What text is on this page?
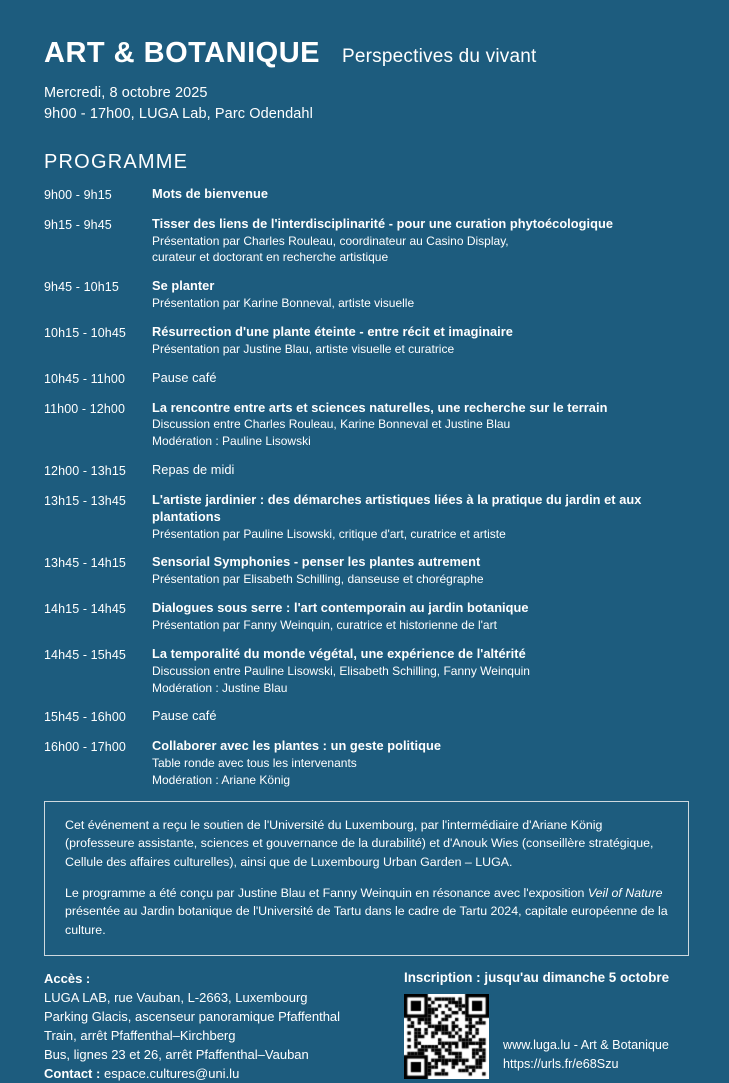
ART & BOTANIQUE Perspectives du vivant
Mercredi, 8 octobre 2025
9h00 - 17h00, LUGA Lab, Parc Odendahl
PROGRAMME
9h00 - 9h15	Mots de bienvenue
9h15 - 9h45	Tisser des liens de l'interdisciplinarité - pour une curation phytoécologique
Présentation par Charles Rouleau, coordinateur au Casino Display,
curateur et doctorant en recherche artistique
9h45 - 10h15	Se planter
Présentation par Karine Bonneval, artiste visuelle
10h15 - 10h45	Résurrection d'une plante éteinte - entre récit et imaginaire
Présentation par Justine Blau, artiste visuelle et curatrice
10h45 - 11h00	Pause café
11h00 - 12h00	La rencontre entre arts et sciences naturelles, une recherche sur le terrain
Discussion entre Charles Rouleau, Karine Bonneval et Justine Blau
Modération : Pauline Lisowski
12h00 - 13h15	Repas de midi
13h15 - 13h45	L'artiste jardinier : des démarches artistiques liées à la pratique du jardin et aux plantations
Présentation par Pauline Lisowski, critique d'art, curatrice et artiste
13h45 - 14h15	Sensorial Symphonies - penser les plantes autrement
Présentation par Elisabeth Schilling, danseuse et chorégraphe
14h15 - 14h45	Dialogues sous serre : l'art contemporain au jardin botanique
Présentation par Fanny Weinquin, curatrice et historienne de l'art
14h45 - 15h45	La temporalité du monde végétal, une expérience de l'altérité
Discussion entre Pauline Lisowski, Elisabeth Schilling, Fanny Weinquin
Modération : Justine Blau
15h45 - 16h00	Pause café
16h00 - 17h00	Collaborer avec les plantes : un geste politique
Table ronde avec tous les intervenants
Modération : Ariane König

Cet événement a reçu le soutien de l'Université du Luxembourg, par l'intermédiaire d'Ariane König (professeure assistante, sciences et gouvernance de la durabilité) et d'Anouk Wies (conseillère stratégique, Cellule des affaires culturelles), ainsi que de Luxembourg Urban Garden – LUGA.

Le programme a été conçu par Justine Blau et Fanny Weinquin en résonance avec l'exposition Veil of Nature présentée au Jardin botanique de l'Université de Tartu dans le cadre de Tartu 2024, capitale européenne de la culture.

Accès :
LUGA LAB, rue Vauban, L-2663, Luxembourg
Parking Glacis, ascenseur panoramique Pfaffenthal
Train, arrêt Pfaffenthal–Kirchberg
Bus, lignes 23 et 26, arrêt Pfaffenthal–Vauban
Contact : espace.cultures@uni.lu
Inscription : jusqu'au dimanche 5 octobre
www.luga.lu - Art & Botanique
https://urls.fr/e68Szu
